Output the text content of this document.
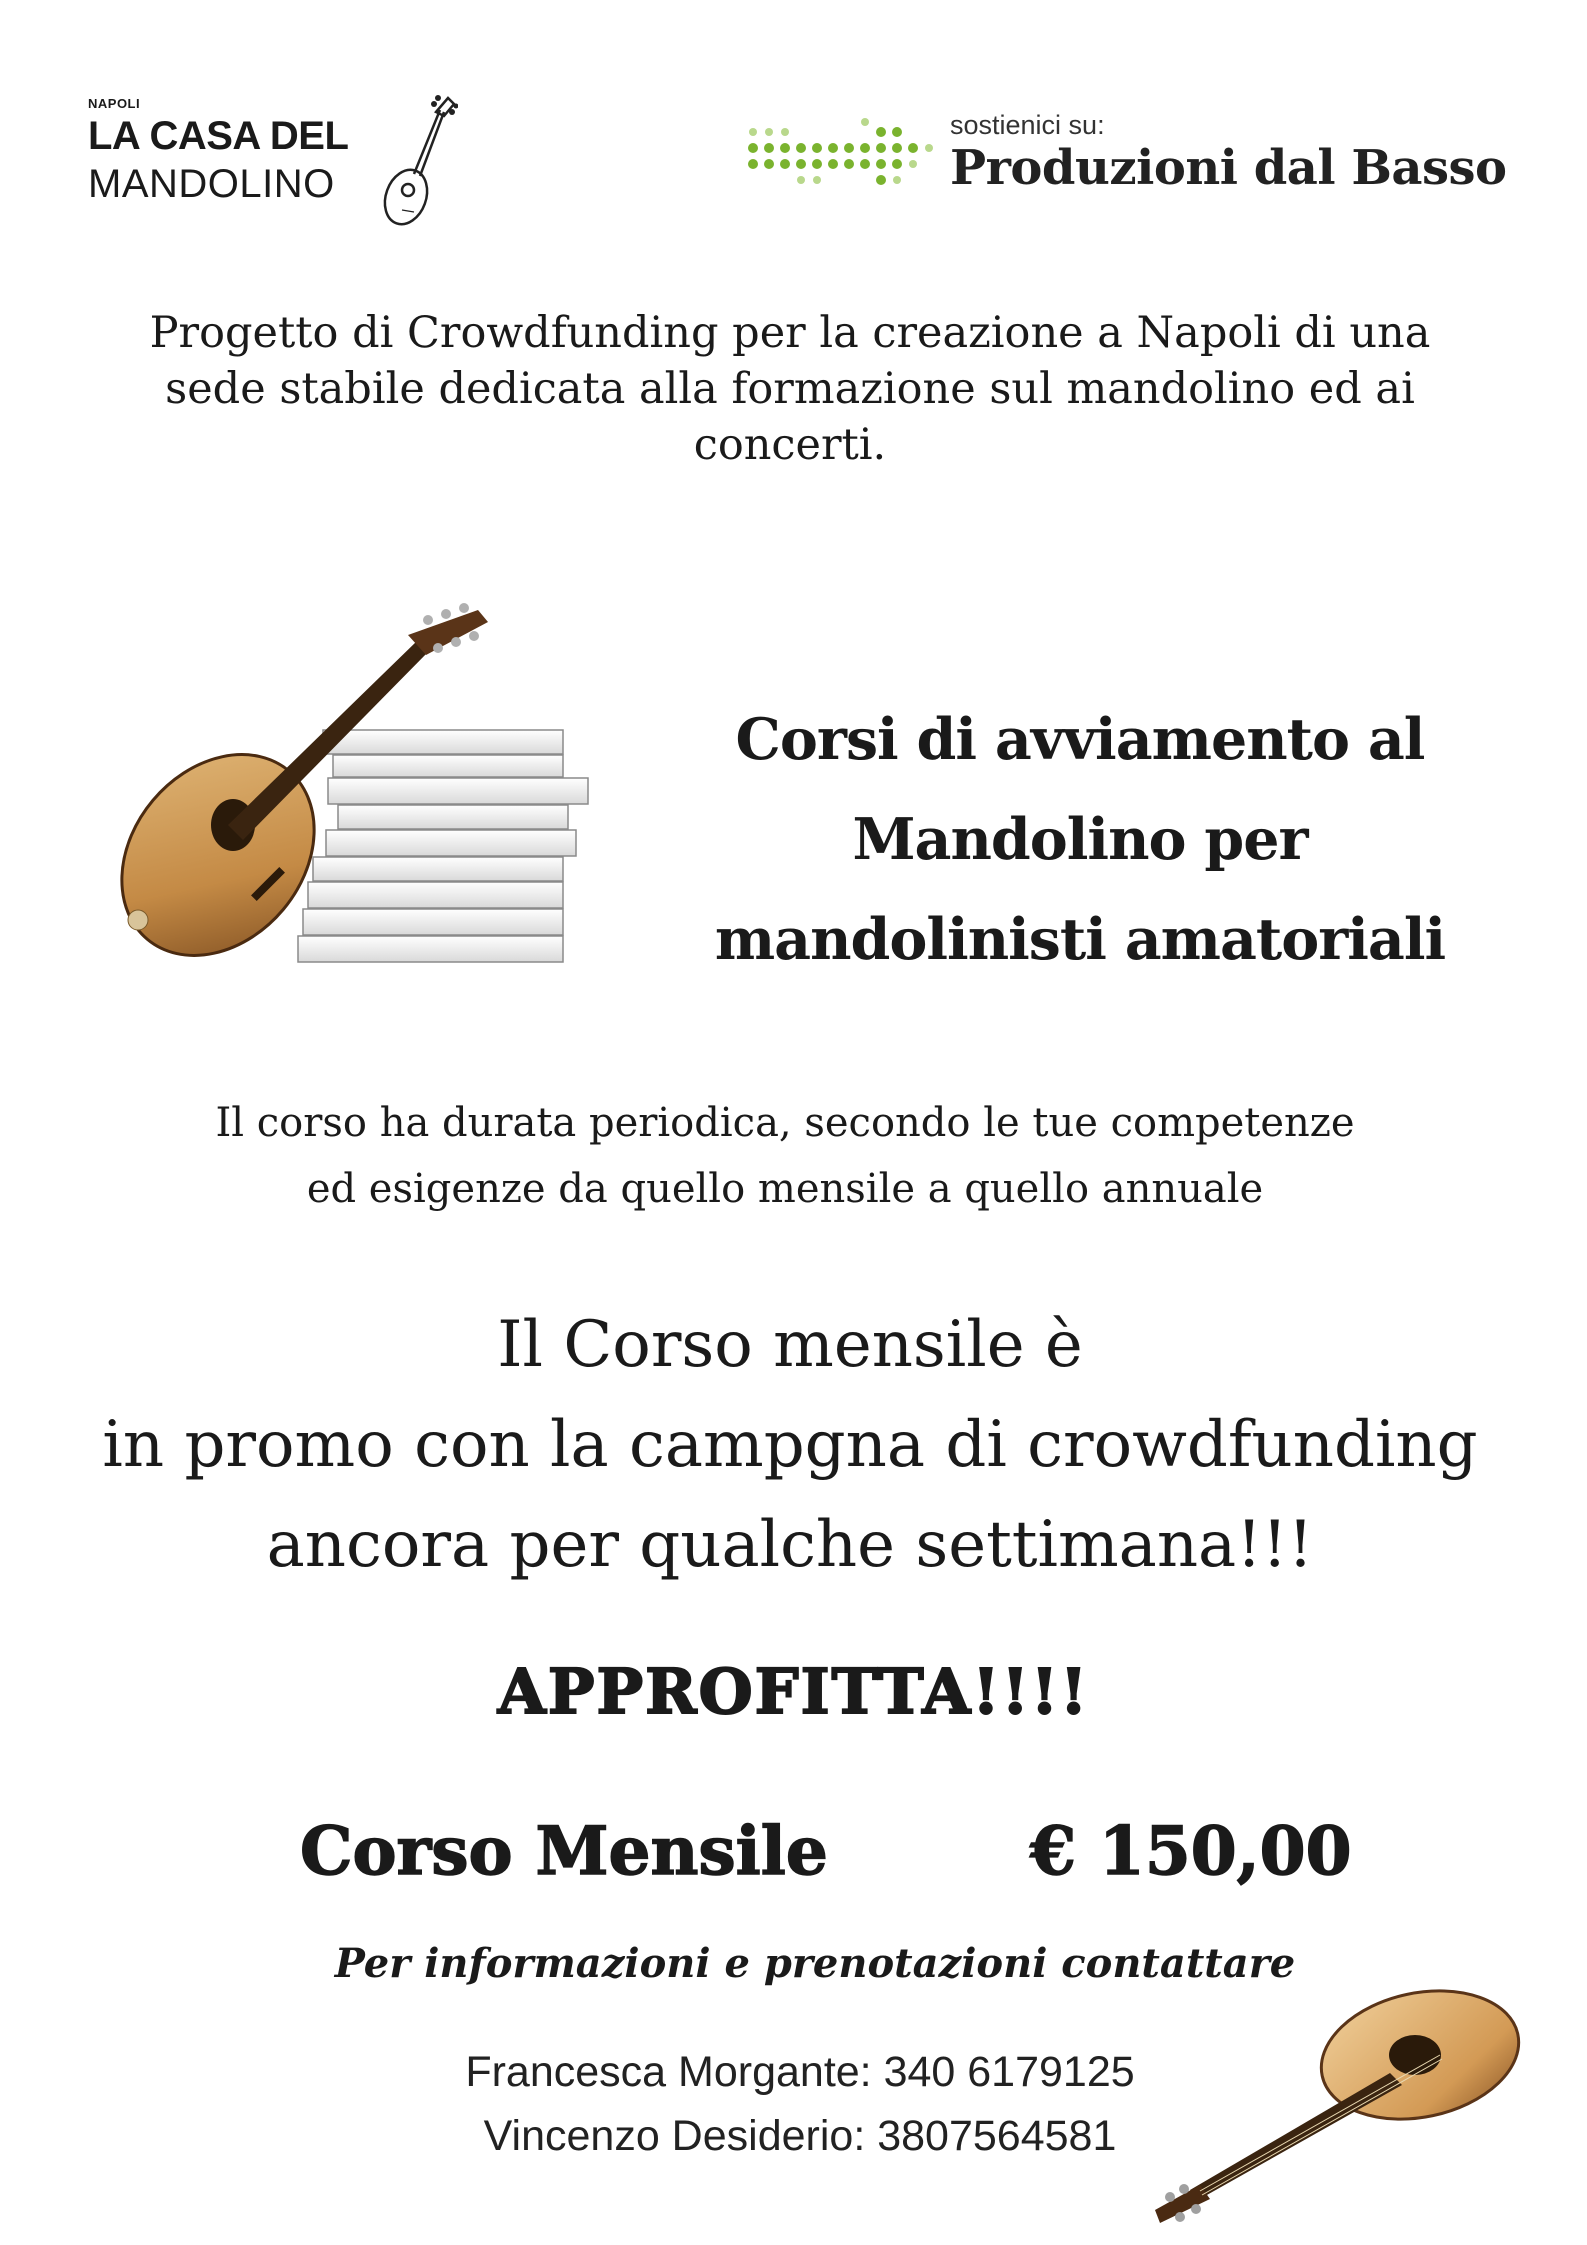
NAPOLI
LA CASA DEL
MANDOLINO
sostienici su:
Produzioni dal Basso
Progetto di Crowdfunding per la creazione a Napoli di una
sede stabile dedicata alla formazione sul mandolino ed ai
concerti.
Corsi di avviamento al
Mandolino per
mandolinisti amatoriali
Il corso ha durata periodica, secondo le tue competenze
ed esigenze da quello mensile a quello annuale
Il Corso mensile è
in promo con la campgna di crowdfunding
ancora per qualche settimana!!!
APPROFITTA!!!!
Corso Mensile	€ 150,00
Per informazioni e prenotazioni contattare
Francesca Morgante: 340 6179125
Vincenzo Desiderio: 3807564581
